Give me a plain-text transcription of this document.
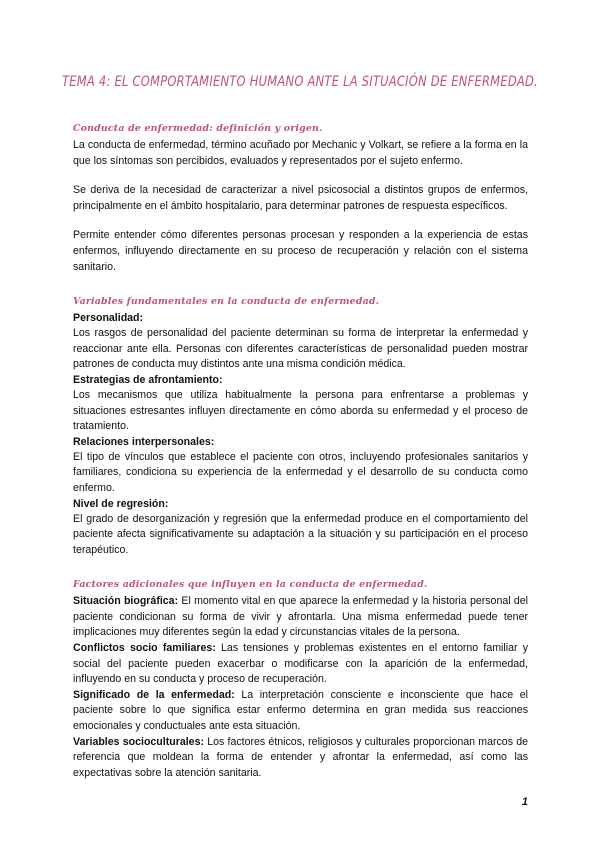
TEMA 4: EL COMPORTAMIENTO HUMANO ANTE LA SITUACIÓN DE ENFERMEDAD.
Conducta de enfermedad: definición y origen.

La conducta de enfermedad, término acuñado por Mechanic y Volkart, se refiere a la forma en la que los síntomas son percibidos, evaluados y representados por el sujeto enfermo.

Se deriva de la necesidad de caracterizar a nivel psicosocial a distintos grupos de enfermos, principalmente en el ámbito hospitalario, para determinar patrones de respuesta específicos.

Permite entender cómo diferentes personas procesan y responden a la experiencia de estas enfermos, influyendo directamente en su proceso de recuperación y relación con el sistema sanitario.

Variables fundamentales en la conducta de enfermedad.
Personalidad:

Los rasgos de personalidad del paciente determinan su forma de interpretar la enfermedad y reaccionar ante ella. Personas con diferentes características de personalidad pueden mostrar patrones de conducta muy distintos ante una misma condición médica.

Estrategias de afrontamiento:

Los mecanismos que utiliza habitualmente la persona para enfrentarse a problemas y situaciones estresantes influyen directamente en cómo aborda su enfermedad y el proceso de tratamiento.

Relaciones interpersonales:

El tipo de vínculos que establece el paciente con otros, incluyendo profesionales sanitarios y familiares, condiciona su experiencia de la enfermedad y el desarrollo de su conducta como enfermo.

Nivel de regresión:

El grado de desorganización y regresión que la enfermedad produce en el comportamiento del paciente afecta significativamente su adaptación a la situación y su participación en el proceso terapéutico.

Factores adicionales que influyen en la conducta de enfermedad.

Situación biográfica: El momento vital en que aparece la enfermedad y la historia personal del paciente condicionan su forma de vivir y afrontarla. Una misma enfermedad puede tener implicaciones muy diferentes según la edad y circunstancias vitales de la persona.

Conflictos socio familiares: Las tensiones y problemas existentes en el entorno familiar y social del paciente pueden exacerbar o modificarse con la aparición de la enfermedad, influyendo en su conducta y proceso de recuperación.

Significado de la enfermedad: La interpretación consciente e inconsciente que hace el paciente sobre lo que significa estar enfermo determina en gran medida sus reacciones emocionales y conductuales ante esta situación.

Variables socioculturales: Los factores étnicos, religiosos y culturales proporcionan marcos de referencia que moldean la forma de entender y afrontar la enfermedad, así como las expectativas sobre la atención sanitaria.

1
